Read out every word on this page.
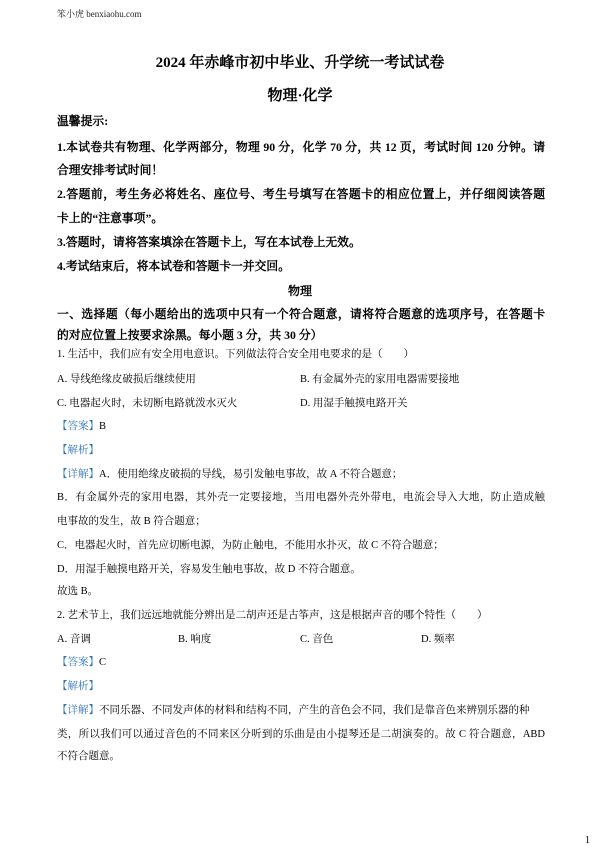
笨小虎 benxiaohu.com
2024 年赤峰市初中毕业、升学统一考试试卷
物理·化学
温馨提示:
1.本试卷共有物理、化学两部分，物理 90 分，化学 70 分，共 12 页，考试时间 120 分钟。请
合理安排考试时间！
2.答题前，考生务必将姓名、座位号、考生号填写在答题卡的相应位置上，并仔细阅读答题
卡上的“注意事项”。
3.答题时，请将答案填涂在答题卡上，写在本试卷上无效。
4.考试结束后，将本试卷和答题卡一并交回。
物理
一、选择题（每小题给出的选项中只有一个符合题意，请将符合题意的选项序号，在答题卡
的对应位置上按要求涂黑。每小题 3 分，共 30 分）
1. 生活中，我们应有安全用电意识。下列做法符合安全用电要求的是（　　）
A. 导线绝缘皮破损后继续使用	B. 有金属外壳的家用电器需要接地
C. 电器起火时，未切断电路就泼水灭火	D. 用湿手触摸电路开关
【答案】B
【解析】
【详解】A．使用绝缘皮破损的导线，易引发触电事故，故 A 不符合题意；
B．有金属外壳的家用电器，其外壳一定要接地，当用电器外壳外带电，电流会导入大地，防止造成触
电事故的发生，故 B 符合题意；
C．电器起火时，首先应切断电源，为防止触电，不能用水扑灭，故 C 不符合题意；
D．用湿手触摸电路开关，容易发生触电事故，故 D 不符合题意。
故选 B。
2. 艺术节上，我们远远地就能分辨出是二胡声还是古筝声，这是根据声音的哪个特性（　　）
A. 音调	B. 响度	C. 音色	D. 频率
【答案】C
【解析】
【详解】不同乐器、不同发声体的材料和结构不同，产生的音色会不同，我们是靠音色来辨别乐器的种
类，所以我们可以通过音色的不同来区分听到的乐曲是由小提琴还是二胡演奏的。故 C 符合题意，ABD
不符合题意。
1
